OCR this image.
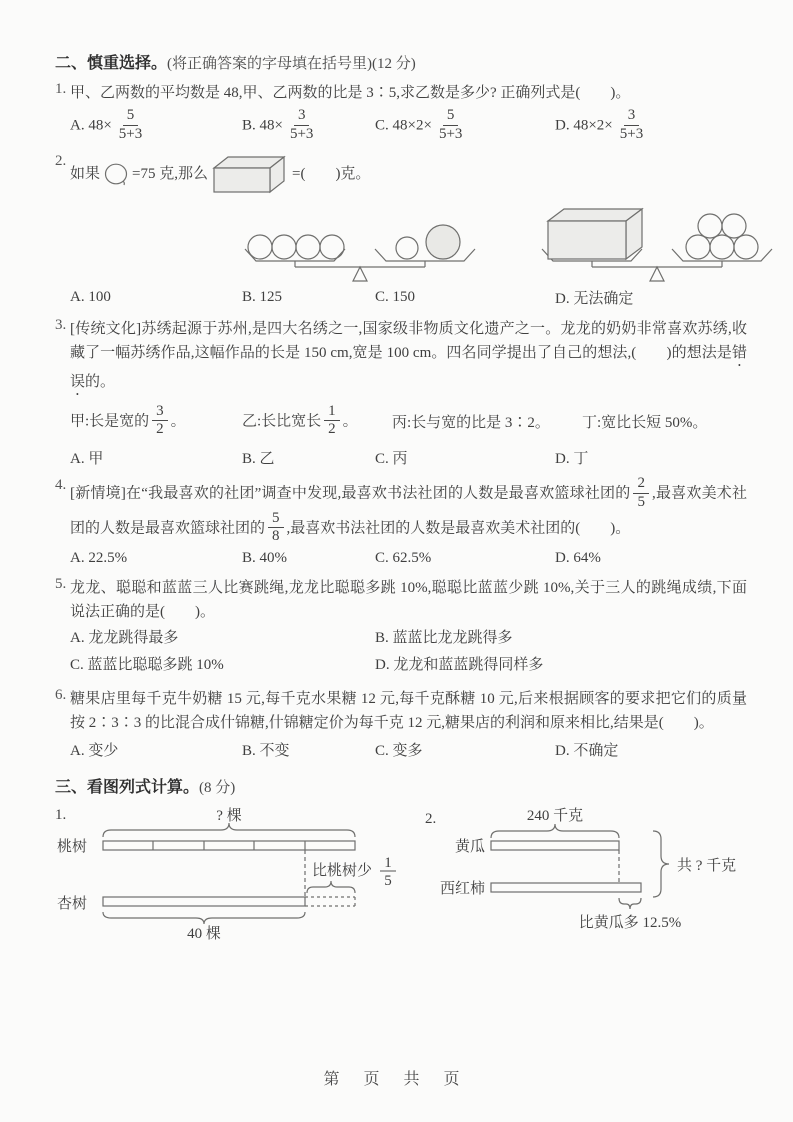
二、慎重选择。(将正确答案的字母填在括号里)(12 分)
1. 甲、乙两数的平均数是 48,甲、乙两数的比是 3∶5,求乙数是多少? 正确列式是(　　)。
A. $48\times \frac{5}{5+3}$	B. $48\times \frac{3}{5+3}$	C. $48\times 2\times \frac{5}{5+3}$	D. $48\times 2\times \frac{3}{5+3}$
2.
如果 =75 克,那么	=(　　)克。
A. 100	B. 125	C. 150	D. 无法确定
3. [传统文化]苏绣起源于苏州,是四大名绣之一,国家级非物质文化遗产之一。龙龙的奶奶非常喜欢苏绣,收藏了一幅苏绣作品,这幅作品的长是 150 cm,宽是 100 cm。四名同学提出了自己的想法,(　　)的想法是错误的。
甲:长是宽的 $\frac{3}{2}$ 。	乙:长比宽长 $\frac{1}{2}$ 。	丙:长与宽的比是 3∶2。	丁:宽比长短 50%。
A. 甲	B. 乙	C. 丙	D. 丁
4.
[新情境]在“我最喜欢的社团”调查中发现,最喜欢书法社团的人数是最喜欢篮球社团的 $\frac{2}{5}$ ,最喜欢美术社团的人数是最喜欢篮球社团的 $\frac{5}{8}$ ,最喜欢书法社团的人数是最喜欢美术社团的(　　)。
A. 22.5%	B. 40%	C. 62.5%	D. 64%
5. 龙龙、聪聪和蓝蓝三人比赛跳绳,龙龙比聪聪多跳 10%,聪聪比蓝蓝少跳 10%,关于三人的跳绳成绩,下面说法正确的是(　　)。
A. 龙龙跳得最多	B. 蓝蓝比龙龙跳得多
C. 蓝蓝比聪聪多跳 10%	D. 龙龙和蓝蓝跳得同样多
6. 糖果店里每千克牛奶糖 15 元,每千克水果糖 12 元,每千克酥糖 10 元,后来根据顾客的要求把它们的质量按 2∶3∶3 的比混合成什锦糖,什锦糖定价为每千克 12 元,糖果店的利润和原来相比,结果是(　　)。
A. 变少	B. 不变	C. 变多	D. 不确定
三、看图列式计算。(8 分)
1.	? 棵
桃树
比桃树少 1
5
杏树
40 棵
2.	240 千克
黄瓜
西红柿
比黄瓜多 12.5%
共 ? 千克
第 页 共 页
